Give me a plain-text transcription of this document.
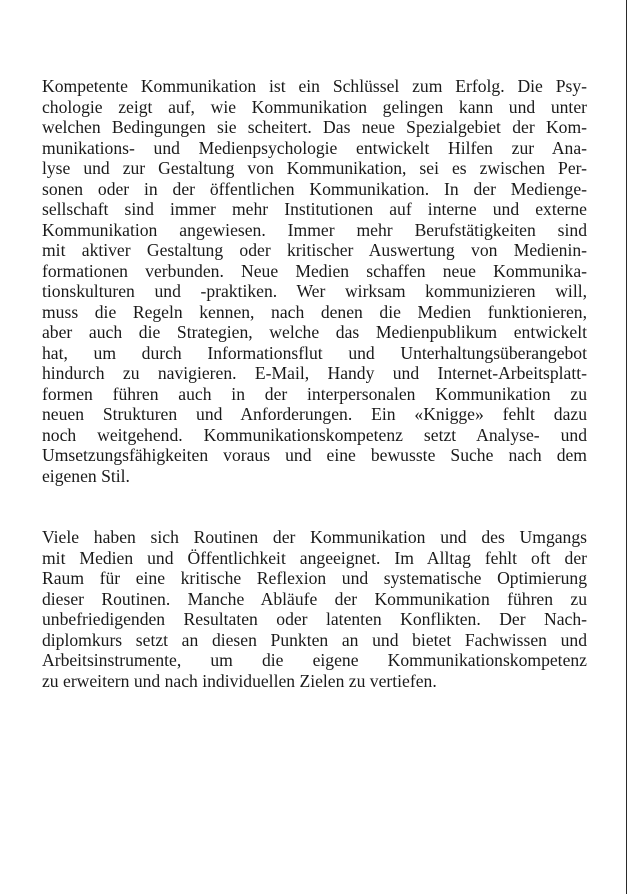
Kompetente Kommunikation ist ein Schlüssel zum Erfolg. Die Psy-
chologie zeigt auf, wie Kommunikation gelingen kann und unter
welchen Bedingungen sie scheitert. Das neue Spezialgebiet der Kom-
munikations- und Medienpsychologie entwickelt Hilfen zur Ana-
lyse und zur Gestaltung von Kommunikation, sei es zwischen Per-
sonen oder in der öffentlichen Kommunikation. In der Mediengе-
sellschaft sind immer mehr Institutionen auf interne und externe
Kommunikation angewiesen. Immer mehr Berufstätigkeiten sind
mit aktiver Gestaltung oder kritischer Auswertung von Medienin-
formationen verbunden. Neue Medien schaffen neue Kommunika-
tionskulturen und -praktiken. Wer wirksam kommunizieren will,
muss die Regeln kennen, nach denen die Medien funktionieren,
aber auch die Strategien, welche das Medienpublikum entwickelt
hat, um durch Informationsflut und Unterhaltungsüberangebot
hindurch zu navigieren. E-Mail, Handy und Internet-Arbeitsplatt-
formen führen auch in der interpersonalen Kommunikation zu
neuen Strukturen und Anforderungen. Ein «Knigge» fehlt dazu
noch weitgehend. Kommunikationskompetenz setzt Analyse- und
Umsetzungsfähigkeiten voraus und eine bewusste Suche nach dem
eigenen Stil.
Viele haben sich Routinen der Kommunikation und des Umgangs
mit Medien und Öffentlichkeit angeeignet. Im Alltag fehlt oft der
Raum für eine kritische Reflexion und systematische Optimierung
dieser Routinen. Manche Abläufe der Kommunikation führen zu
unbefriedigenden Resultaten oder latenten Konflikten. Der Nach-
diplomkurs setzt an diesen Punkten an und bietet Fachwissen und
Arbeitsinstrumente, um die eigene Kommunikationskompetenz
zu erweitern und nach individuellen Zielen zu vertiefen.
